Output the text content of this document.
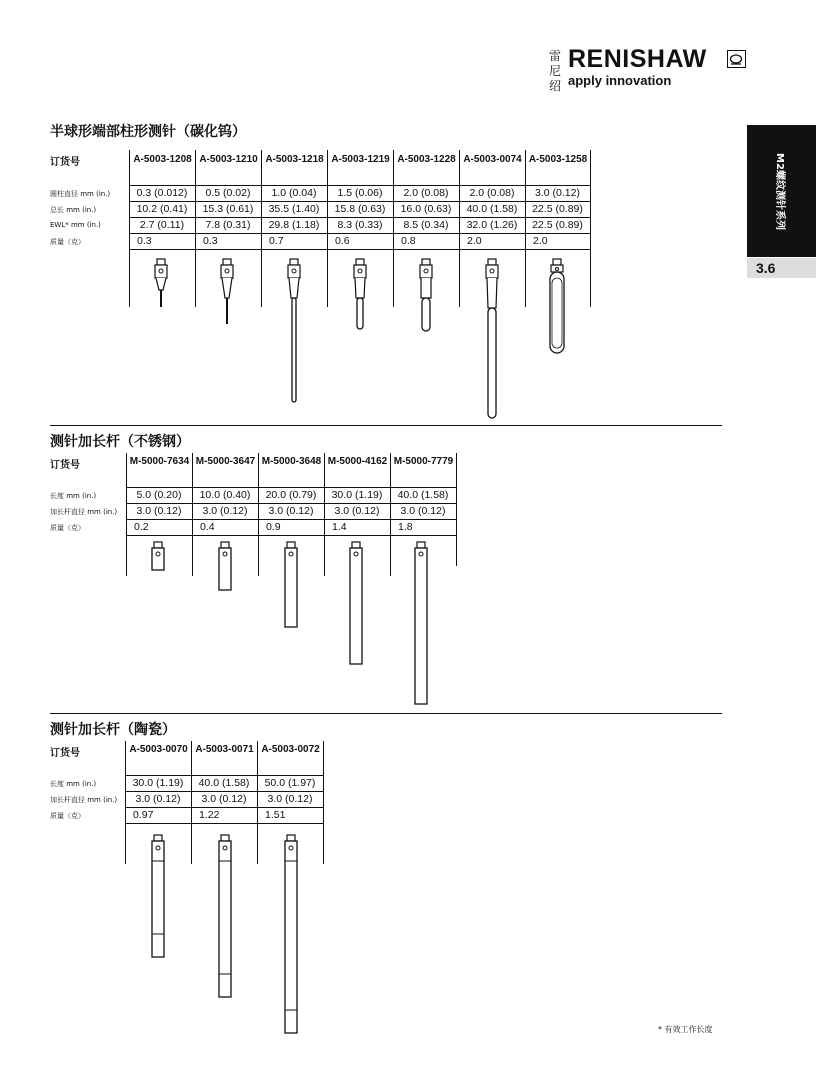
雷
尼
绍
RENISHAW
apply innovation
M2螺纹测针系列
3.6
半球形端部柱形测针（碳化钨）
订货号	A-5003-1208 A-5003-1210 A-5003-1218 A-5003-1219 A-5003-1228 A-5003-0074 A-5003-1258
圆柱直径 mm (in.)
总长 mm (in.)
EWL* mm (in.)
质量（克）
0.3 (0.012)	0.5 (0.02)	1.0 (0.04)	1.5 (0.06)	2.0 (0.08)	2.0 (0.08)	3.0 (0.12)
10.2 (0.41)	15.3 (0.61)	35.5 (1.40)	15.8 (0.63)	16.0 (0.63)	40.0 (1.58)	22.5 (0.89)
2.7 (0.11)	7.8 (0.31)	29.8 (1.18)	8.3 (0.33)	8.5 (0.34)	32.0 (1.26)	22.5 (0.89)
0.3	0.3	0.7	0.6	0.8	2.0	2.0
测针加长杆（不锈钢）
订货号	M-5000-7634 M-5000-3647 M-5000-3648 M-5000-4162 M-5000-7779
长度 mm (in.)
加长杆直径 mm (in.)
质量（克）
5.0 (0.20)	10.0 (0.40)	20.0 (0.79)	30.0 (1.19)	40.0 (1.58)
3.0 (0.12)	3.0 (0.12)	3.0 (0.12)	3.0 (0.12)	3.0 (0.12)
0.2	0.4	0.9	1.4	1.8
测针加长杆（陶瓷）
订货号	A-5003-0070 A-5003-0071 A-5003-0072
长度 mm (in.)
加长杆直径 mm (in.)
质量（克）
30.0 (1.19)	40.0 (1.58)	50.0 (1.97)
3.0 (0.12)	3.0 (0.12)	3.0 (0.12)
0.97	1.22	1.51
* 有效工作长度
